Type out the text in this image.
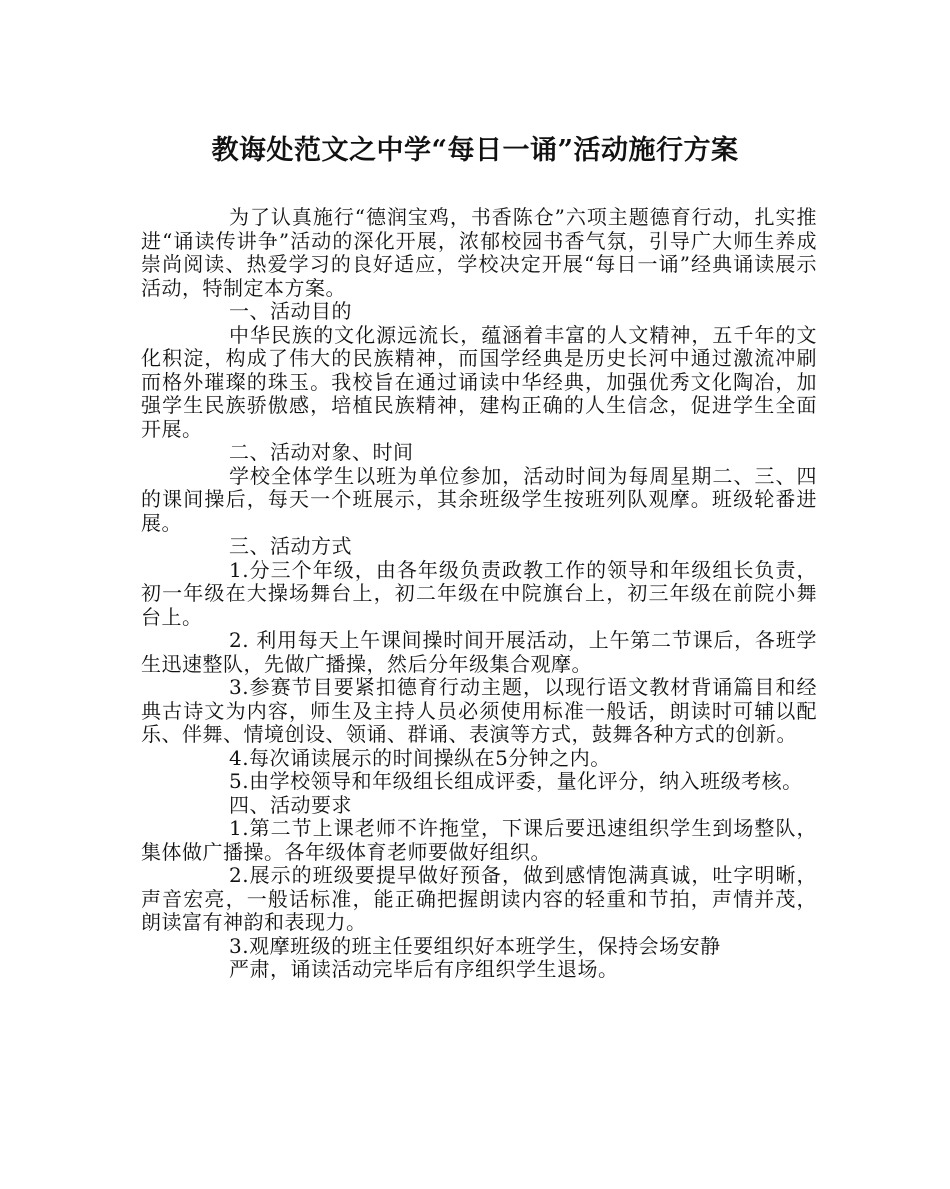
教诲处范文之中学“每日一诵”活动施行方案

为了认真施行“德润宝鸡，书香陈仓”六项主题德育行动，扎实推进“诵读传讲争”活动的深化开展，浓郁校园书香气氛，引导广大师生养成崇尚阅读、热爱学习的良好适应，学校决定开展“每日一诵”经典诵读展示活动，特制定本方案。

一、活动目的

中华民族的文化源远流长，蕴涵着丰富的人文精神，五千年的文化积淀，构成了伟大的民族精神，而国学经典是历史长河中通过激流冲刷而格外璀璨的珠玉。我校旨在通过诵读中华经典，加强优秀文化陶冶，加强学生民族骄傲感，培植民族精神，建构正确的人生信念，促进学生全面开展。

二、活动对象、时间

学校全体学生以班为单位参加，活动时间为每周星期二、三、四的课间操后，每天一个班展示，其余班级学生按班列队观摩。班级轮番进展。

三、活动方式

1.分三个年级，由各年级负责政教工作的领导和年级组长负责，初一年级在大操场舞台上，初二年级在中院旗台上，初三年级在前院小舞台上。

2. 利用每天上午课间操时间开展活动，上午第二节课后，各班学生迅速整队，先做广播操，然后分年级集合观摩。

3.参赛节目要紧扣德育行动主题，以现行语文教材背诵篇目和经典古诗文为内容，师生及主持人员必须使用标准一般话，朗读时可辅以配乐、伴舞、情境创设、领诵、群诵、表演等方式，鼓舞各种方式的创新。

4.每次诵读展示的时间操纵在5分钟之内。

5.由学校领导和年级组长组成评委，量化评分，纳入班级考核。

四、活动要求

1.第二节上课老师不许拖堂，下课后要迅速组织学生到场整队，集体做广播操。各年级体育老师要做好组织。

2.展示的班级要提早做好预备，做到感情饱满真诚，吐字明晰，声音宏亮，一般话标准，能正确把握朗读内容的轻重和节拍，声情并茂，朗读富有神韵和表现力。

3.观摩班级的班主任要组织好本班学生，保持会场安静

严肃，诵读活动完毕后有序组织学生退场。
